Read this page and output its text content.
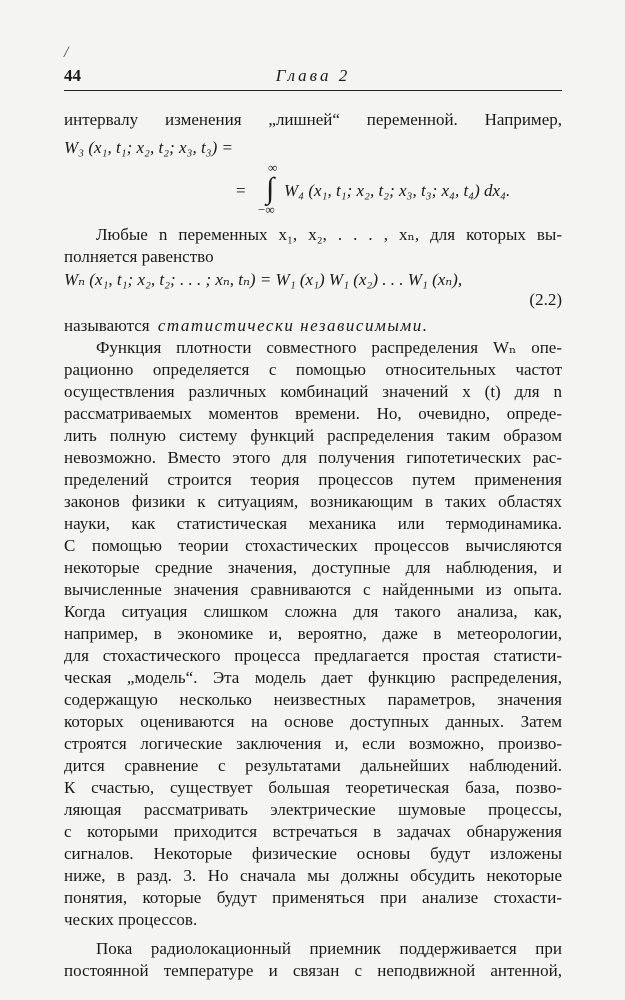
/
44	Глава 2
интервалу изменения „лишней“ переменной. Например,
W₃ (x₁, t₁; x₂, t₂; x₃, t₃) =
∞
= ∫ W₄ (x₁, t₁; x₂, t₂; x₃, t₃; x₄, t₄) dx₄.
−∞
Любые n переменных x₁, x₂, . . . , xₙ, для которых вы-
полняется равенство
Wₙ (x₁, t₁; x₂, t₂; . . . ; xₙ, tₙ) = W₁ (x₁) W₁ (x₂) . . . W₁ (xₙ),
(2.2)
называются статистически независимыми.
Функция плотности совместного распределения Wₙ опе-
рационно определяется с помощью относительных частот
осуществления различных комбинаций значений x (t) для n
рассматриваемых моментов времени. Но, очевидно, опреде-
лить полную систему функций распределения таким образом
невозможно. Вместо этого для получения гипотетических рас-
пределений строится теория процессов путем применения
законов физики к ситуациям, возникающим в таких областях
науки, как статистическая механика или термодинамика.
С помощью теории стохастических процессов вычисляются
некоторые средние значения, доступные для наблюдения, и
вычисленные значения сравниваются с найденными из опыта.
Когда ситуация слишком сложна для такого анализа, как,
например, в экономике и, вероятно, даже в метеорологии,
для стохастического процесса предлагается простая статисти-
ческая „модель“. Эта модель дает функцию распределения,
содержащую несколько неизвестных параметров, значения
которых оцениваются на основе доступных данных. Затем
строятся логические заключения и, если возможно, произво-
дится сравнение с результатами дальнейших наблюдений.
К счастью, существует большая теоретическая база, позво-
ляющая рассматривать электрические шумовые процессы,
с которыми приходится встречаться в задачах обнаружения
сигналов. Некоторые физические основы будут изложены
ниже, в разд. 3. Но сначала мы должны обсудить некоторые
понятия, которые будут применяться при анализе стохасти-
ческих процессов.
Пока радиолокационный приемник поддерживается при
постоянной температуре и связан с неподвижной антенной,
